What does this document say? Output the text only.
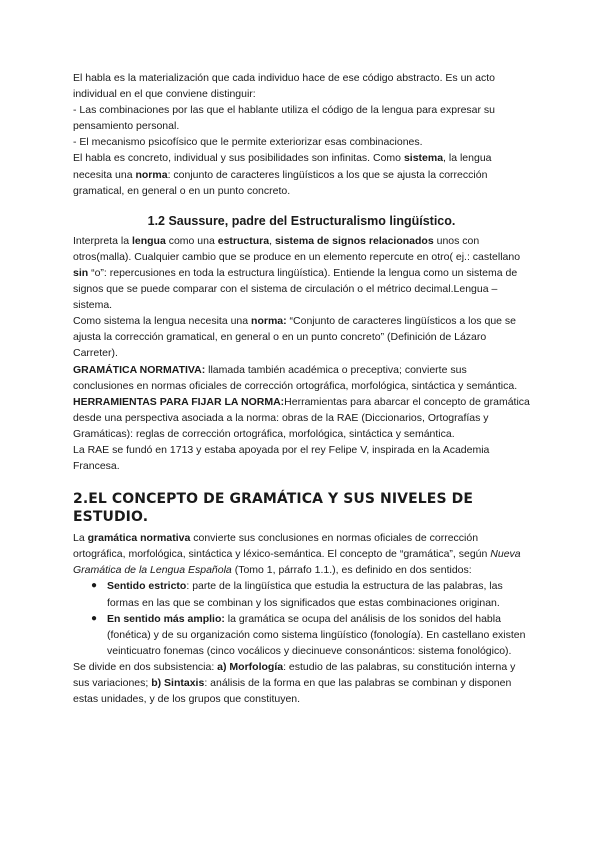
El habla es la materialización que cada individuo hace de ese código abstracto. Es un acto individual en el que conviene distinguir:

- Las combinaciones por las que el hablante utiliza el código de la lengua para expresar su pensamiento personal.

- El mecanismo psicofísico que le permite exteriorizar esas combinaciones.

El habla es concreto, individual y sus posibilidades son infinitas. Como sistema, la lengua necesita una norma: conjunto de caracteres lingüísticos a los que se ajusta la corrección gramatical, en general o en un punto concreto.

1.2 Saussure, padre del Estructuralismo lingüístico.

Interpreta la lengua como una estructura, sistema de signos relacionados unos con otros(malla). Cualquier cambio que se produce en un elemento repercute en otro( ej.: castellano sin “o”: repercusiones en toda la estructura lingüística). Entiende la lengua como un sistema de signos que se puede comparar con el sistema de circulación o el métrico decimal.Lengua – sistema.

Como sistema la lengua necesita una norma: “Conjunto de caracteres lingüísticos a los que se ajusta la corrección gramatical, en general o en un punto concreto” (Definición de Lázaro Carreter).

GRAMÁTICA NORMATIVA: llamada también académica o preceptiva; convierte sus conclusiones en normas oficiales de corrección ortográfica, morfológica, sintáctica y semántica.

HERRAMIENTAS PARA FIJAR LA NORMA:Herramientas para abarcar el concepto de gramática desde una perspectiva asociada a la norma: obras de la RAE (Diccionarios, Ortografías y Gramáticas): reglas de corrección ortográfica, morfológica, sintáctica y semántica.

La RAE se fundó en 1713 y estaba apoyada por el rey Felipe V, inspirada en la Academia Francesa.

2.EL CONCEPTO DE GRAMÁTICA Y SUS NIVELES DE ESTUDIO.

La gramática normativa convierte sus conclusiones en normas oficiales de corrección ortográfica, morfológica, sintáctica y léxico-semántica. El concepto de “gramática”, según Nueva Gramática de la Lengua Española (Tomo 1, párrafo 1.1.), es definido en dos sentidos:

● Sentido estricto: parte de la lingüística que estudia la estructura de las palabras, las formas en las que se combinan y los significados que estas combinaciones originan.
● En sentido más amplio: la gramática se ocupa del análisis de los sonidos del habla (fonética) y de su organización como sistema lingüístico (fonología). En castellano existen veinticuatro fonemas (cinco vocálicos y diecinueve consonánticos: sistema fonológico).

Se divide en dos subsistencia: a) Morfología: estudio de las palabras, su constitución interna y sus variaciones; b) Sintaxis: análisis de la forma en que las palabras se combinan y disponen estas unidades, y de los grupos que constituyen.
